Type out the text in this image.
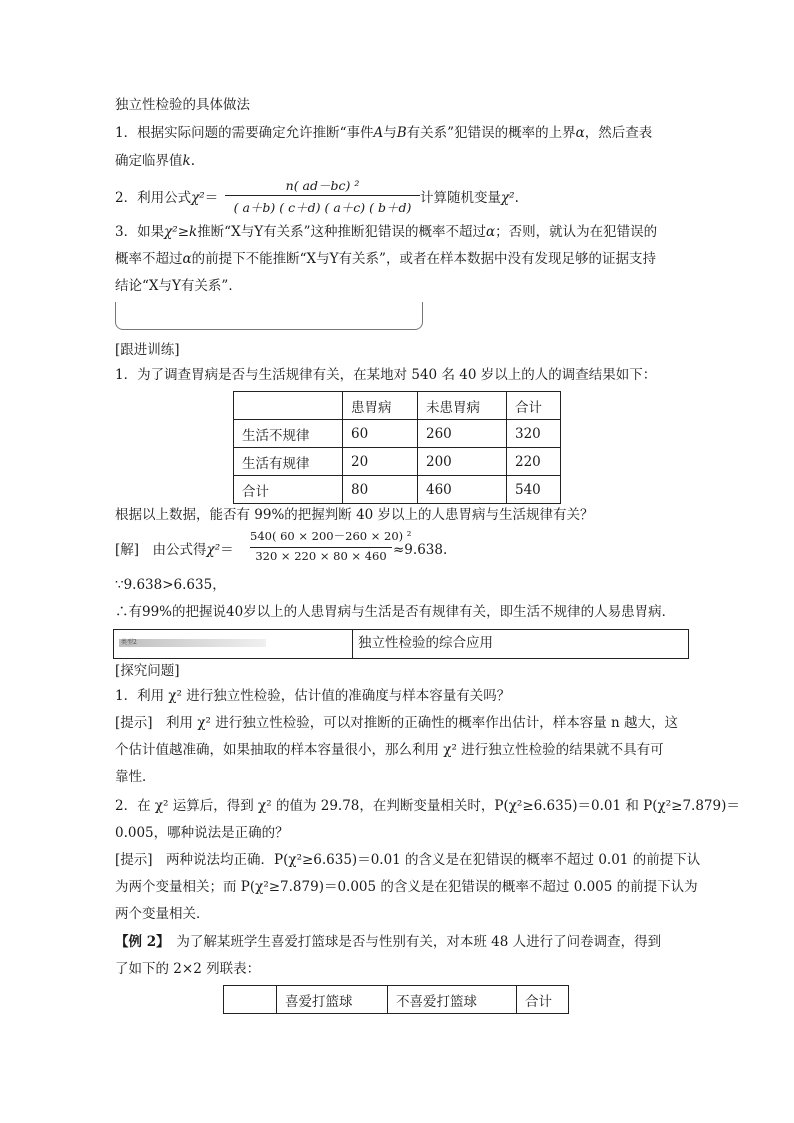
独立性检验的具体做法
1．根据实际问题的需要确定允许推断“事件A与B有关系”犯错误的概率的上界α，然后查表
确定临界值k.
2．利用公式χ²＝
n( ad－bc) ²
( a＋b) ( c＋d) ( a＋c) ( b＋d)
计算随机变量χ².
3．如果χ²≥k推断“X与Y有关系”这种推断犯错误的概率不超过α；否则，就认为在犯错误的
概率不超过α的前提下不能推断“X与Y有关系”，或者在样本数据中没有发现足够的证据支持
结论“X与Y有关系”．
[跟进训练]
1．为了调查胃病是否与生活规律有关，在某地对 540 名 40 岁以上的人的调查结果如下：
	患胃病	未患胃病	合计
生活不规律	60	260	320
生活有规律	20	200	220
合计	80	460	540
根据以上数据，能否有 99%的把握判断 40 岁以上的人患胃病与生活规律有关？
[解]　由公式得χ²＝
540( 60 × 200－260 × 20) ²
320 × 220 × 80 × 460 ≈9.638.
∵9.638>6.635，
∴有99%的把握说40岁以上的人患胃病与生活是否有规律有关，即生活不规律的人易患胃病．
类型2	独立性检验的综合应用
[探究问题]
1．利用 χ² 进行独立性检验，估计值的准确度与样本容量有关吗？
[提示]　利用 χ² 进行独立性检验，可以对推断的正确性的概率作出估计，样本容量 n 越大，这
个估计值越准确，如果抽取的样本容量很小，那么利用 χ² 进行独立性检验的结果就不具有可
靠性．
2．在 χ² 运算后，得到 χ² 的值为 29.78，在判断变量相关时，P(χ²≥6.635)＝0.01 和 P(χ²≥7.879)＝
0.005，哪种说法是正确的？
[提示]　两种说法均正确．P(χ²≥6.635)＝0.01 的含义是在犯错误的概率不超过 0.01 的前提下认
为两个变量相关；而 P(χ²≥7.879)＝0.005 的含义是在犯错误的概率不超过 0.005 的前提下认为
两个变量相关．
【例 2】　为了解某班学生喜爱打篮球是否与性别有关，对本班 48 人进行了问卷调查，得到
了如下的 2×2 列联表：
	喜爱打篮球	不喜爱打篮球	合计
